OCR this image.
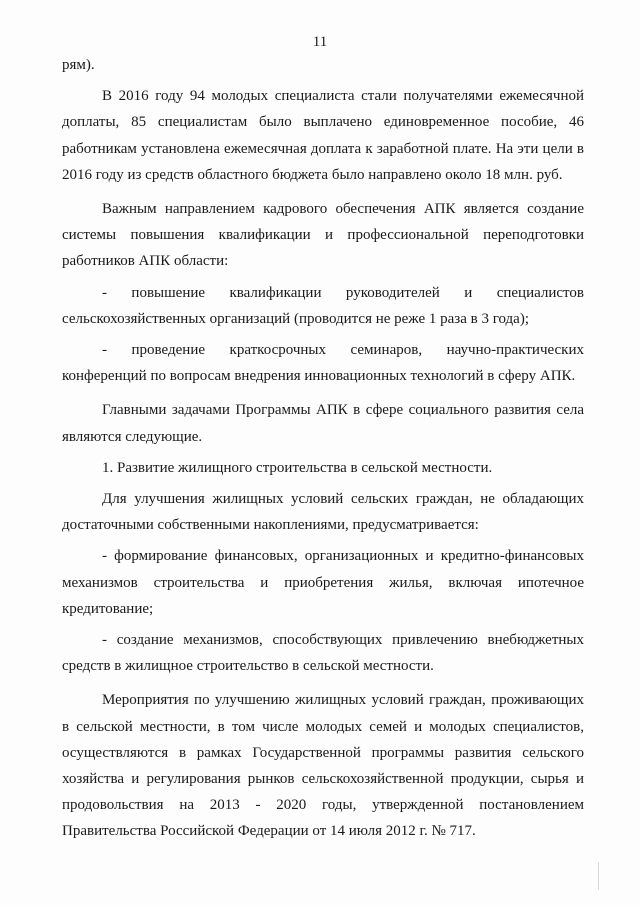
11

рям).

В 2016 году 94 молодых специалиста стали получателями ежемесячной доплаты, 85 специалистам было выплачено единовременное пособие, 46 работникам установлена ежемесячная доплата к заработной плате. На эти цели в 2016 году из средств областного бюджета было направлено около 18 млн. руб.

Важным направлением кадрового обеспечения АПК является создание системы повышения квалификации и профессиональной переподготовки работников АПК области:

- повышение квалификации руководителей и специалистов сельскохозяйственных организаций (проводится не реже 1 раза в 3 года);

- проведение краткосрочных семинаров, научно-практических конференций по вопросам внедрения инновационных технологий в сферу АПК.

Главными задачами Программы АПК в сфере социального развития села являются следующие.

1. Развитие жилищного строительства в сельской местности.

Для улучшения жилищных условий сельских граждан, не обладающих достаточными собственными накоплениями, предусматривается:

- формирование финансовых, организационных и кредитно-финансовых механизмов строительства и приобретения жилья, включая ипотечное кредитование;

- создание механизмов, способствующих привлечению внебюджетных средств в жилищное строительство в сельской местности.

Мероприятия по улучшению жилищных условий граждан, проживающих в сельской местности, в том числе молодых семей и молодых специалистов, осуществляются в рамках Государственной программы развития сельского хозяйства и регулирования рынков сельскохозяйственной продукции, сырья и продовольствия на 2013 - 2020 годы, утвержденной постановлением Правительства Российской Федерации от 14 июля 2012 г. № 717.
